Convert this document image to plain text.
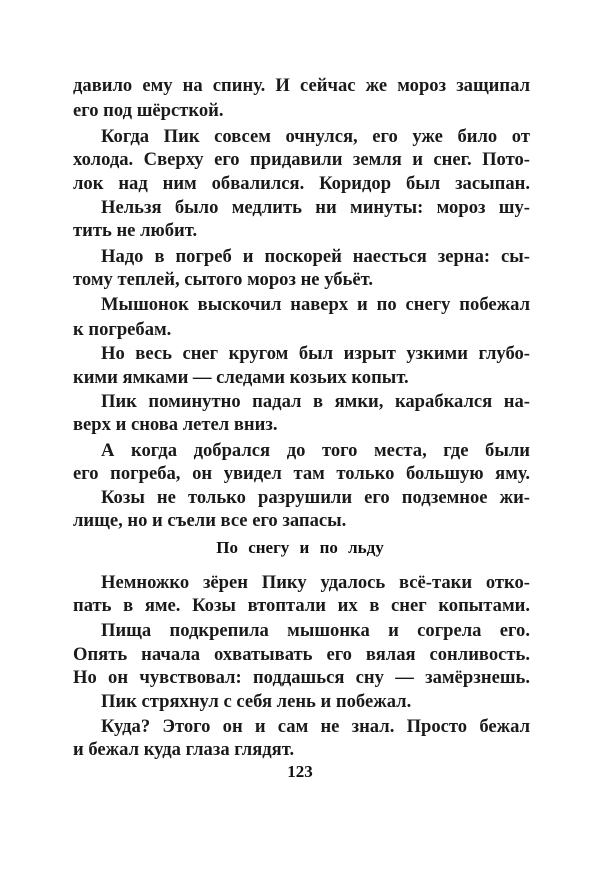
давило ему на спину. И сейчас же мороз защипал
его под шёрсткой.
Когда Пик совсем очнулся, его уже било от
холода. Сверху его придавили земля и снег. Пото-
лок над ним обвалился. Коридор был засыпан.
Нельзя было медлить ни минуты: мороз шу-
тить не любит.
Надо в погреб и поскорей наесться зерна: сы-
тому теплей, сытого мороз не убьёт.
Мышонок выскочил наверх и по снегу побежал
к погребам.
Но весь снег кругом был изрыт узкими глубо-
кими ямками — следами козьих копыт.
Пик поминутно падал в ямки, карабкался на-
верх и снова летел вниз.
А когда добрался до того места, где были
его погреба, он увидел там только большую яму.
Козы не только разрушили его подземное жи-
лище, но и съели все его запасы.
По снегу и по льду
Немножко зёрен Пику удалось всё-таки отко-
пать в яме. Козы втоптали их в снег копытами.
Пища подкрепила мышонка и согрела его.
Опять начала охватывать его вялая сонливость.
Но он чувствовал: поддашься сну — замёрзнешь.
Пик стряхнул с себя лень и побежал.
Куда? Этого он и сам не знал. Просто бежал
и бежал куда глаза глядят.
123
